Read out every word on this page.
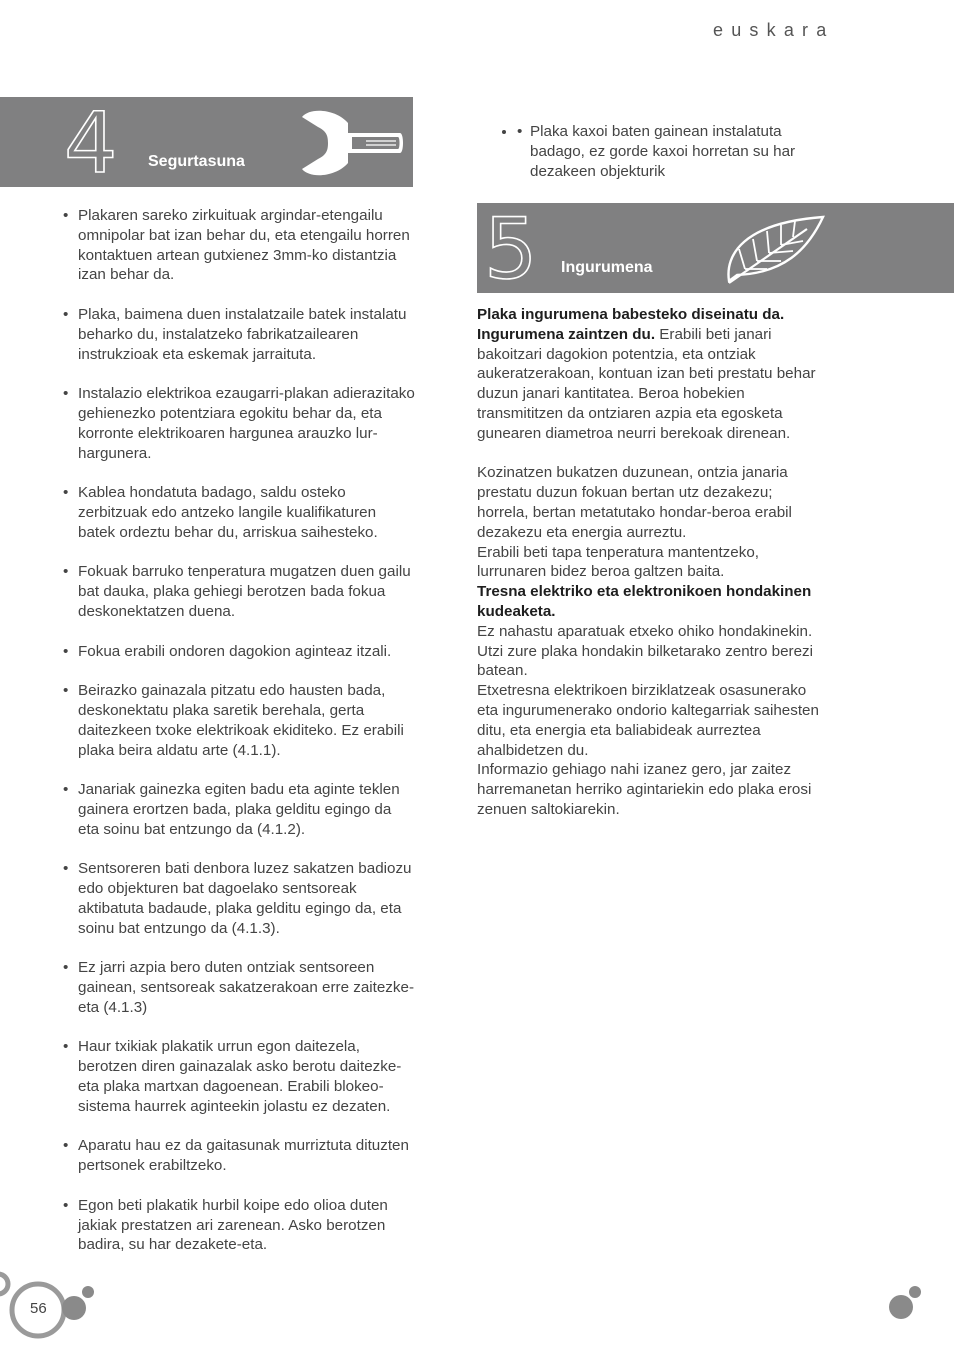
euskara
4 Segurtasuna
• Plakaren sareko zirkuituak argindar-etengailu omnipolar bat izan behar du, eta etengailu horren kontaktuen artean gutxienez 3mm-ko distantzia izan behar da.
• Plaka, baimena duen instalatzaile batek instalatu beharko du, instalatzeko fabrikatzailearen instrukzioak eta eskemak jarraituta.
• Instalazio elektrikoa ezaugarri-plakan adierazitako gehienezko potentziara egokitu behar da, eta korronte elektrikoaren hargunea arauzko lur-hargunera.
• Kablea hondatuta badago, saldu osteko zerbitzuak edo antzeko langile kualifikaturen batek ordeztu behar du, arriskua saihesteko.
• Fokuak barruko tenperatura mugatzen duen gailu bat dauka, plaka gehiegi berotzen bada fokua deskonektatzen duena.
• Fokua erabili ondoren dagokion aginteaz itzali.
• Beirazko gainazala pitzatu edo hausten bada, deskonektatu plaka saretik berehala, gerta daitezkeen txoke elektrikoak ekiditeko. Ez erabili plaka beira aldatu arte (4.1.1).
• Janariak gainezka egiten badu eta aginte teklen gainera erortzen bada, plaka gelditu egingo da eta soinu bat entzungo da (4.1.2).
• Sentsoreren bati denbora luzez sakatzen badiozu edo objekturen bat dagoelako sentsoreak aktibatuta badaude, plaka gelditu egingo da, eta soinu bat entzungo da (4.1.3).
• Ez jarri azpia bero duten ontziak sentsoreen gainean, sentsoreak sakatzerakoan erre zaitezke-eta (4.1.3)
• Haur txikiak plakatik urrun egon daitezela, berotzen diren gainazalak asko berotu daitezke-eta plaka martxan dagoenean. Erabili blokeo-sistema haurrek aginteekin jolastu ez dezaten.
• Aparatu hau ez da gaitasunak murriztuta dituzten pertsonek erabiltzeko.
• Egon beti plakatik hurbil koipe edo olioa duten jakiak prestatzen ari zarenean. Asko berotzen badira, su har dezakete-eta.
• • Plaka kaxoi baten gainean instalatuta badago, ez gorde kaxoi horretan su har dezakeen objekturik
5 Ingurumena

Plaka ingurumena babesteko diseinatu da. Ingurumena zaintzen du. Erabili beti janari bakoitzari dagokion potentzia, eta ontziak aukeratzerakoan, kontuan izan beti prestatu behar duzun janari kantitatea. Beroa hobekien transmititzen da ontziaren azpia eta egosketa gunearen diametroa neurri berekoak direnean.

Kozinatzen bukatzen duzunean, ontzia janaria prestatu duzun fokuan bertan utz dezakezu; horrela, bertan metatutako hondar-beroa erabil dezakezu eta energia aurreztu.

Erabili beti tapa tenperatura mantentzeko, lurrunaren bidez beroa galtzen baita.

Tresna elektriko eta elektronikoen hondakinen kudeaketa.

Ez nahastu aparatuak etxeko ohiko hondakinekin. Utzi zure plaka hondakin bilketarako zentro berezi batean.

Etxetresna elektrikoen birziklatzeak osasunerako eta ingurumenerako ondorio kaltegarriak saihesten ditu, eta energia eta baliabideak aurreztea ahalbidetzen du.

Informazio gehiago nahi izanez gero, jar zaitez harremanetan herriko agintariekin edo plaka erosi zenuen saltokiarekin.

56
